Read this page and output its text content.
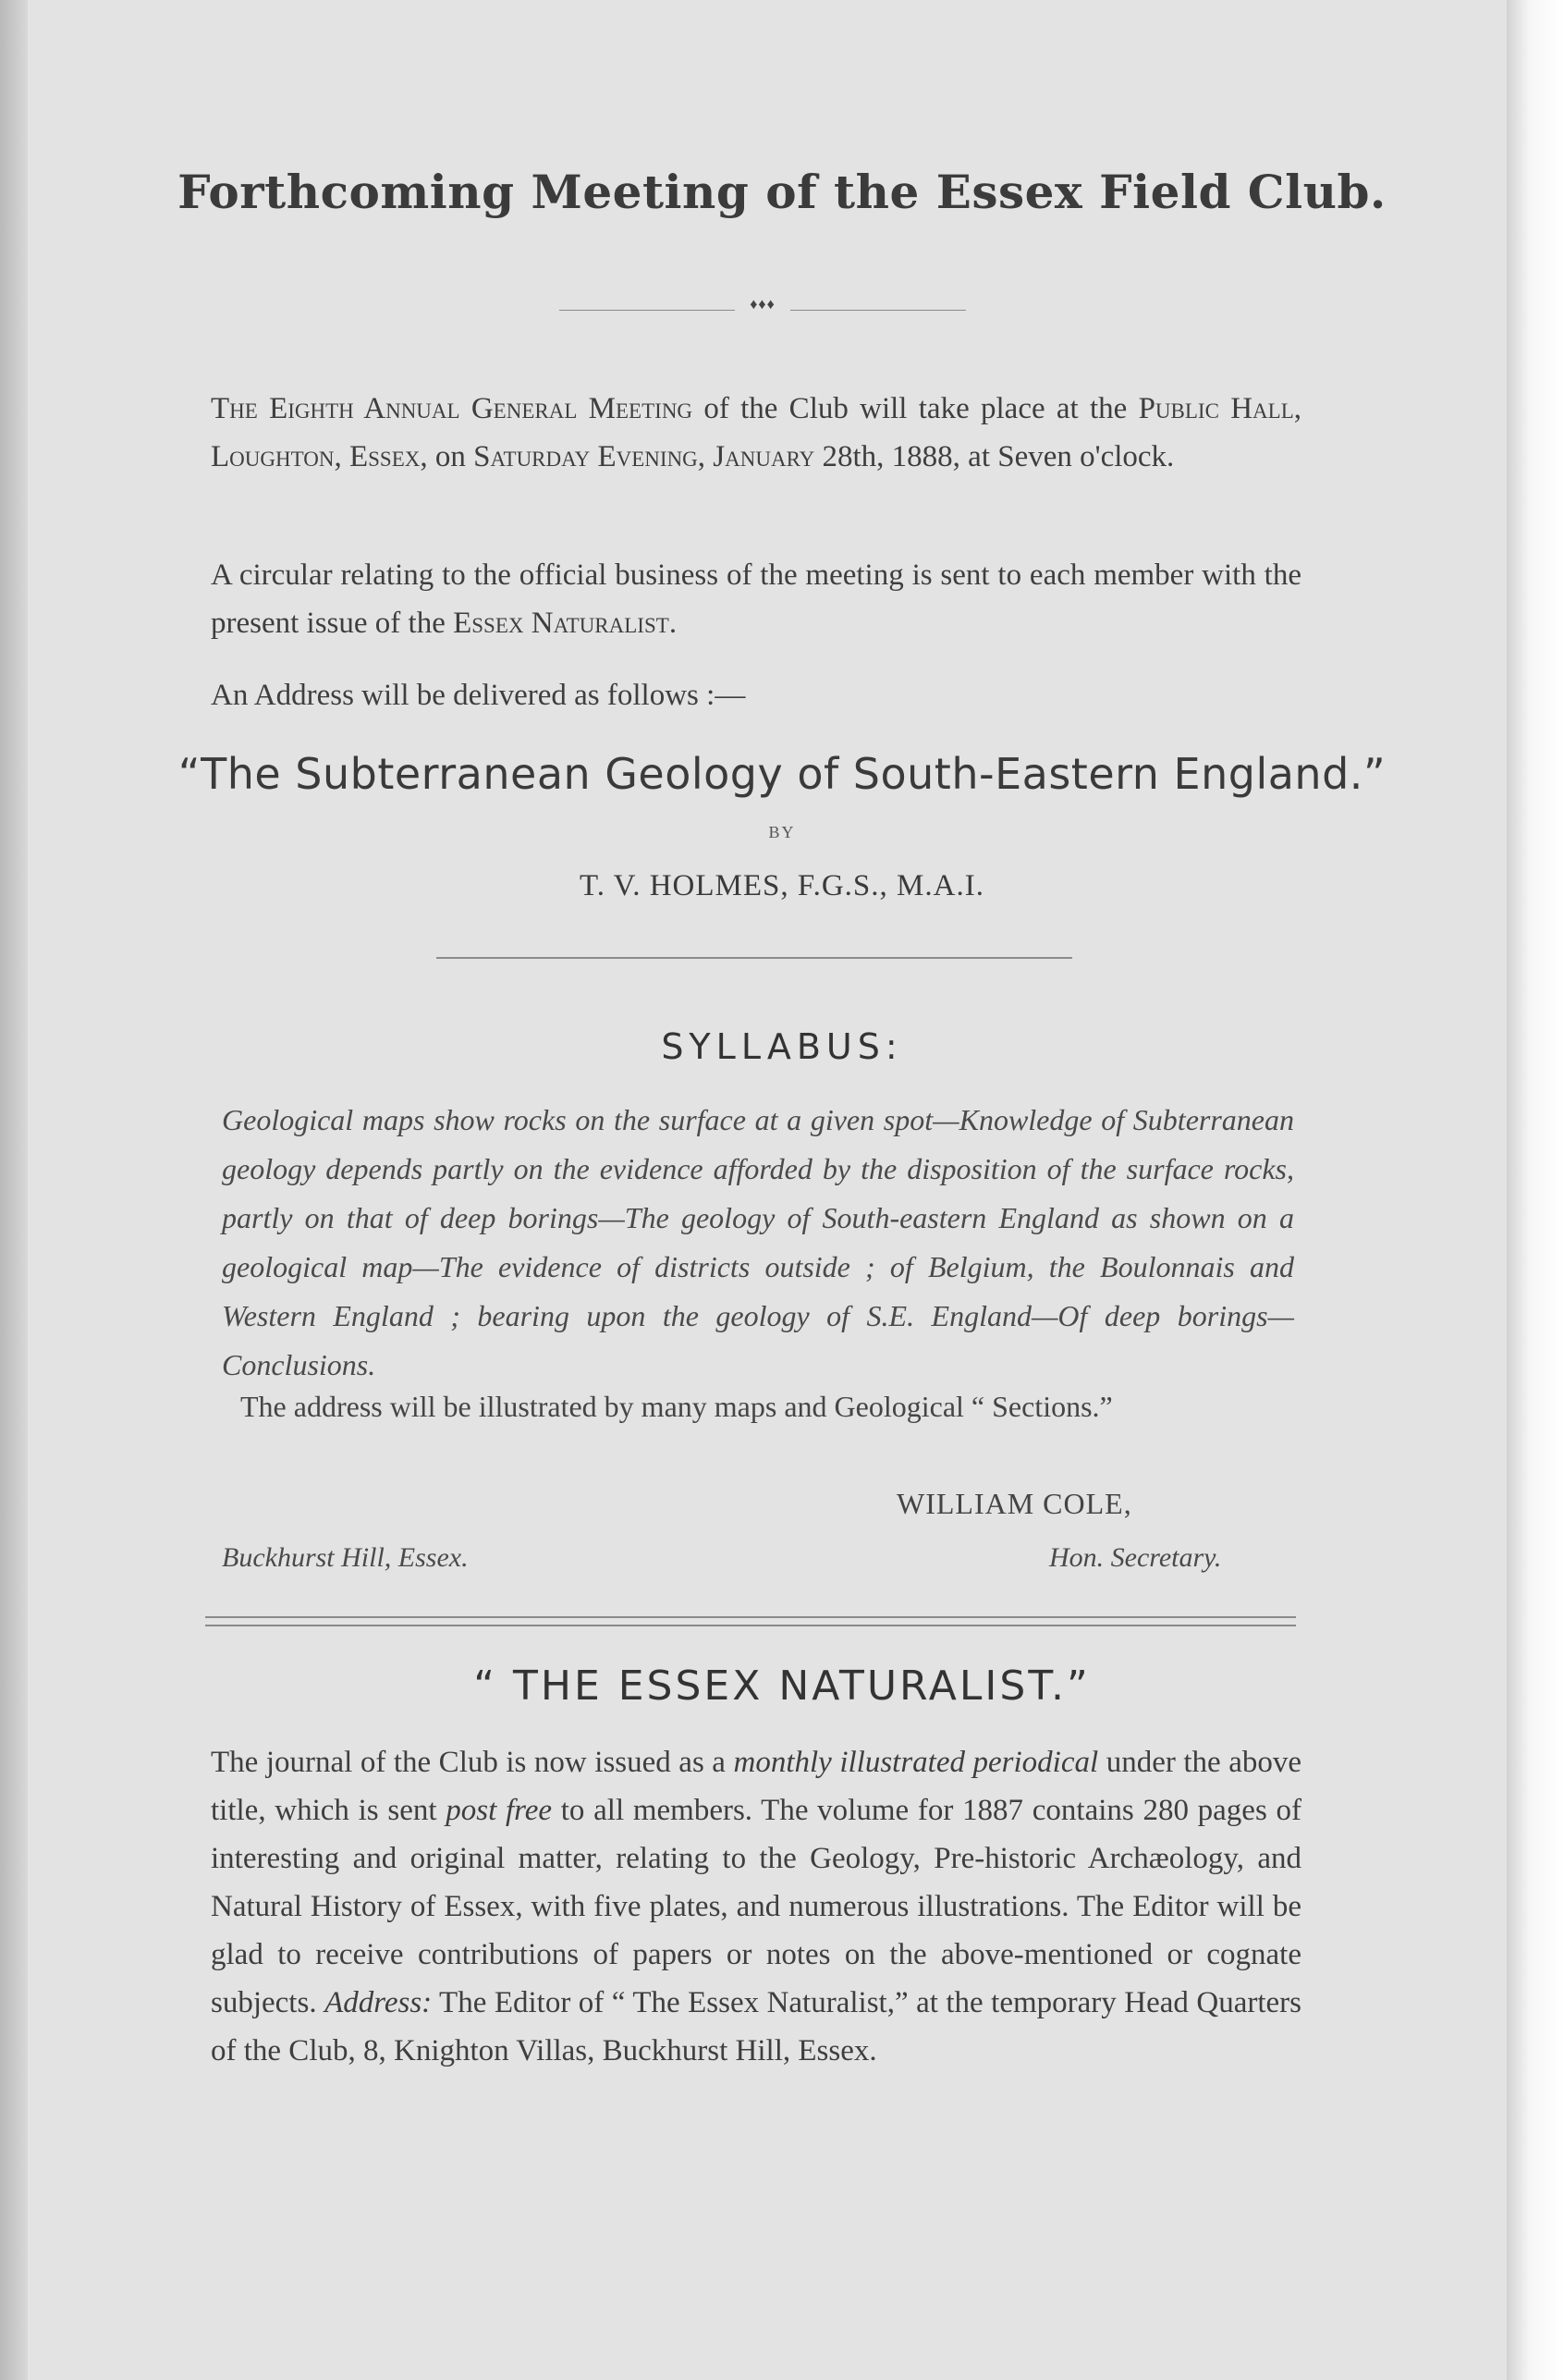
Forthcoming Meeting of the Essex Field Club.
♦♦♦
The Eighth Annual General Meeting of the Club will take place at the Public Hall, Loughton, Essex, on Saturday Evening, January 28th, 1888, at Seven o'clock.
A circular relating to the official business of the meeting is sent to each member with the present issue of the Essex Naturalist.
An Address will be delivered as follows :—
“The Subterranean Geology of South-Eastern England.”
BY
T. V. HOLMES, F.G.S., M.A.I.
SYLLABUS:
Geological maps show rocks on the surface at a given spot—Knowledge of Subterranean geology depends partly on the evidence afforded by the disposition of the surface rocks, partly on that of deep borings—The geology of South-eastern England as shown on a geological map—The evidence of districts outside ; of Belgium, the Boulonnais and Western England ; bearing upon the geology of S.E. England—Of deep borings—Conclusions.
The address will be illustrated by many maps and Geological “ Sections.”
WILLIAM COLE,
Buckhurst Hill, Essex.	Hon. Secretary.
“ THE ESSEX NATURALIST.”
The journal of the Club is now issued as a monthly illustrated periodical under the above title, which is sent post free to all members. The volume for 1887 contains 280 pages of interesting and original matter, relating to the Geology, Pre-historic Archæology, and Natural History of Essex, with five plates, and numerous illustrations. The Editor will be glad to receive contributions of papers or notes on the above-mentioned or cognate subjects. Address: The Editor of “ The Essex Naturalist,” at the temporary Head Quarters of the Club, 8, Knighton Villas, Buckhurst Hill, Essex.
